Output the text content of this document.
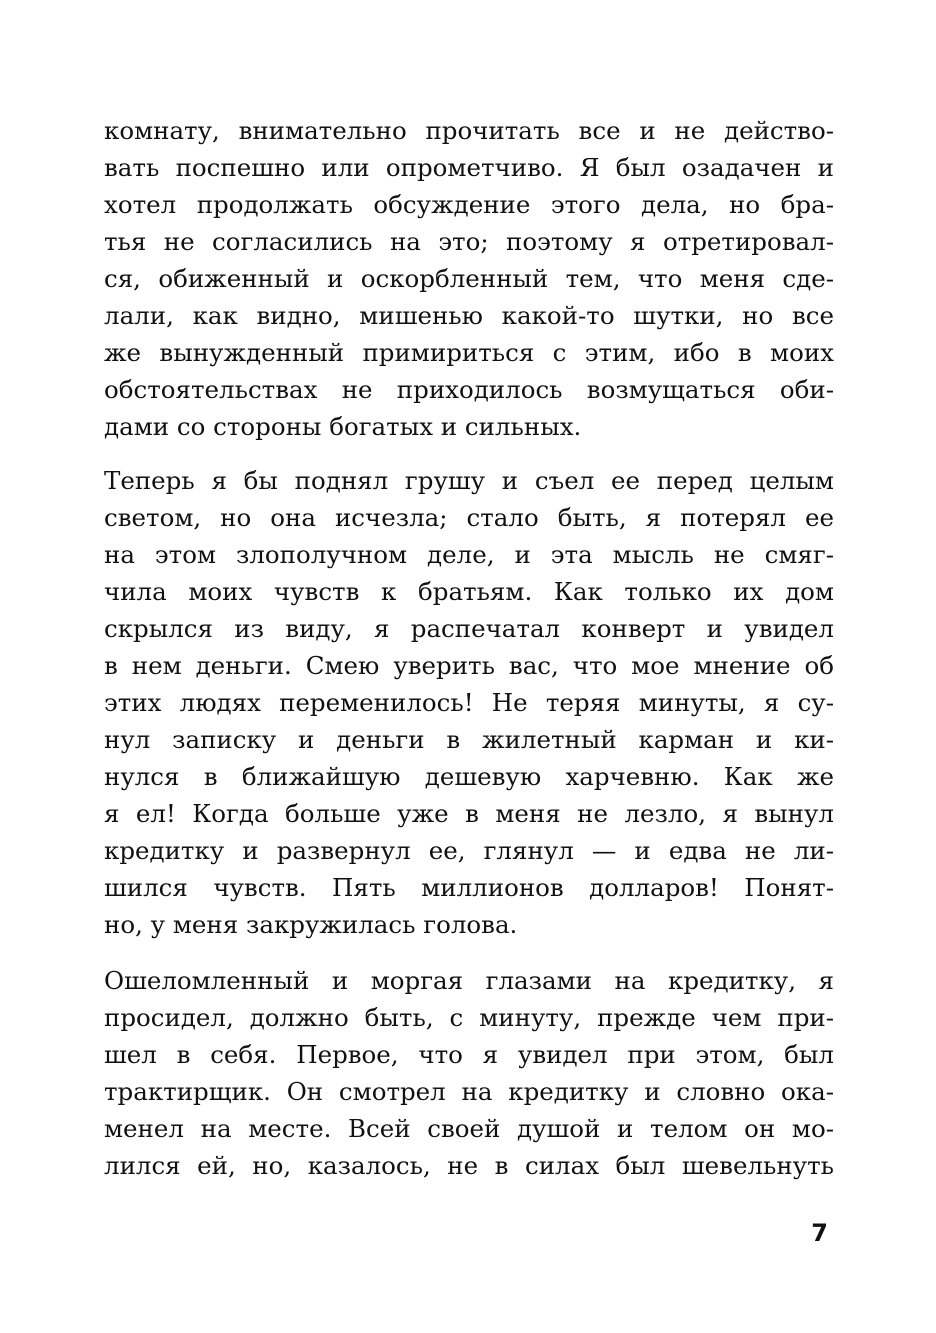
комнату, внимательно прочитать все и не действо-
вать поспешно или опрометчиво. Я был озадачен и
хотел продолжать обсуждение этого дела, но бра-
тья не согласились на это; поэтому я отретировал-
ся, обиженный и оскорбленный тем, что меня сде-
лали, как видно, мишенью какой-то шутки, но все
же вынужденный примириться с этим, ибо в моих
обстоятельствах не приходилось возмущаться оби-
дами со стороны богатых и сильных.
Теперь я бы поднял грушу и съел ее перед целым
светом, но она исчезла; стало быть, я потерял ее
на этом злополучном деле, и эта мысль не смяг-
чила моих чувств к братьям. Как только их дом
скрылся из виду, я распечатал конверт и увидел
в нем деньги. Смею уверить вас, что мое мнение об
этих людях переменилось! Не теряя минуты, я су-
нул записку и деньги в жилетный карман и ки-
нулся в ближайшую дешевую харчевню. Как же
я ел! Когда больше уже в меня не лезло, я вынул
кредитку и развернул ее, глянул — и едва не ли-
шился чувств. Пять миллионов долларов! Понят-
но, у меня закружилась голова.
Ошеломленный и моргая глазами на кредитку, я
просидел, должно быть, с минуту, прежде чем при-
шел в себя. Первое, что я увидел при этом, был
трактирщик. Он смотрел на кредитку и словно ока-
менел на месте. Всей своей душой и телом он мо-
лился ей, но, казалось, не в силах был шевельнуть
7
